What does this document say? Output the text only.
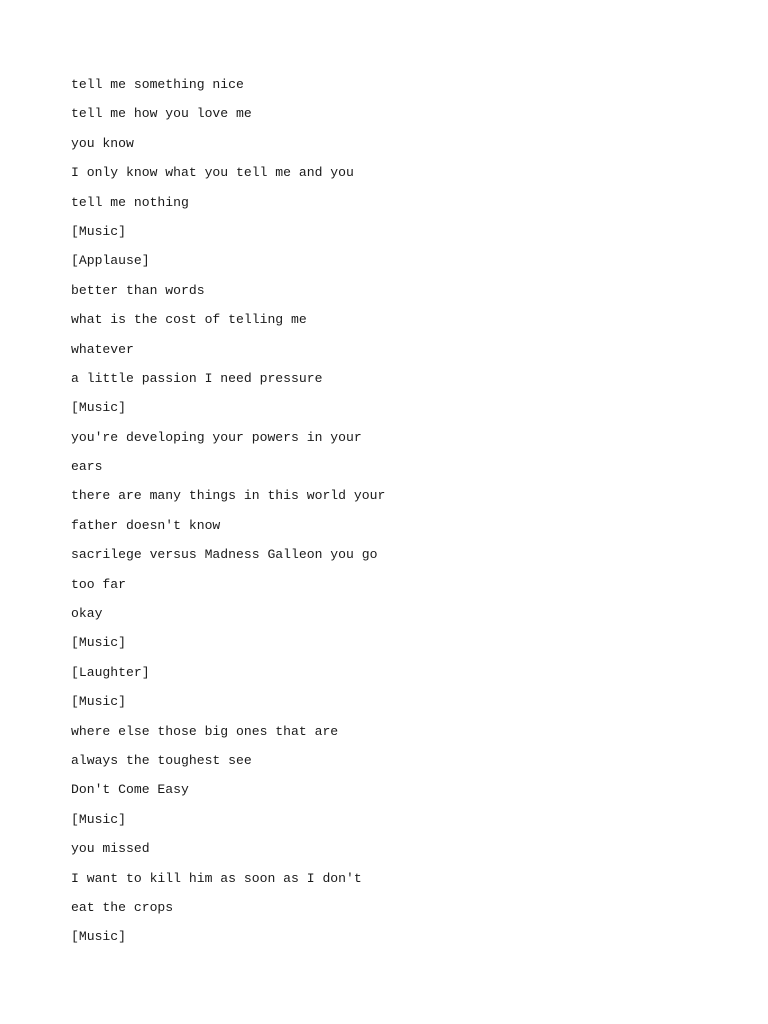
tell me something nice
tell me how you love me
you know
I only know what you tell me and you
tell me nothing
[Music]
[Applause]
better than words
what is the cost of telling me
whatever
a little passion I need pressure
[Music]
you're developing your powers in your
ears
there are many things in this world your
father doesn't know
sacrilege versus Madness Galleon you go
too far
okay
[Music]
[Laughter]
[Music]
where else those big ones that are
always the toughest see
Don't Come Easy
[Music]
you missed
I want to kill him as soon as I don't
eat the crops
[Music]
